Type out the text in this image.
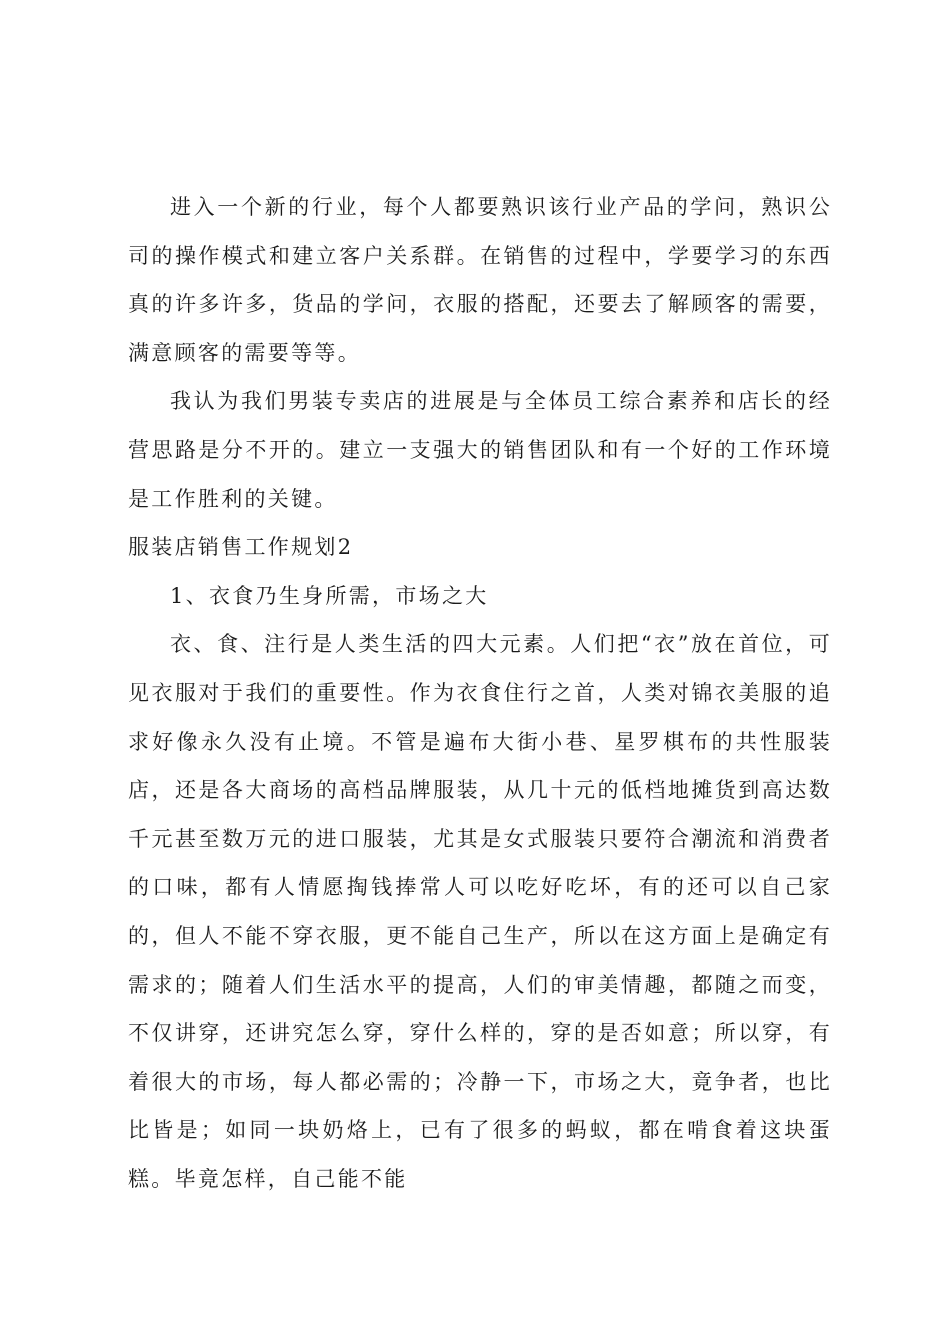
进入一个新的行业，每个人都要熟识该行业产品的学问，熟识公司的操作模式和建立客户关系群。在销售的过程中，学要学习的东西真的许多许多，货品的学问，衣服的搭配，还要去了解顾客的需要，满意顾客的需要等等。

我认为我们男装专卖店的进展是与全体员工综合素养和店长的经营思路是分不开的。建立一支强大的销售团队和有一个好的工作环境是工作胜利的关键。

服装店销售工作规划2

1、衣食乃生身所需，市场之大

衣、食、注行是人类生活的四大元素。人们把“衣”放在首位，可见衣服对于我们的重要性。作为衣食住行之首，人类对锦衣美服的追求好像永久没有止境。不管是遍布大街小巷、星罗棋布的共性服装店，还是各大商场的高档品牌服装，从几十元的低档地摊货到高达数千元甚至数万元的进口服装，尤其是女式服装只要符合潮流和消费者的口味，都有人情愿掏钱捧常人可以吃好吃坏，有的还可以自己家的，但人不能不穿衣服，更不能自己生产，所以在这方面上是确定有需求的；随着人们生活水平的提高，人们的审美情趣，都随之而变，不仅讲穿，还讲究怎么穿，穿什么样的，穿的是否如意；所以穿，有着很大的市场，每人都必需的；冷静一下，市场之大，竟争者，也比比皆是；如同一块奶烙上，已有了很多的蚂蚁，都在啃食着这块蛋糕。毕竟怎样，自己能不能
